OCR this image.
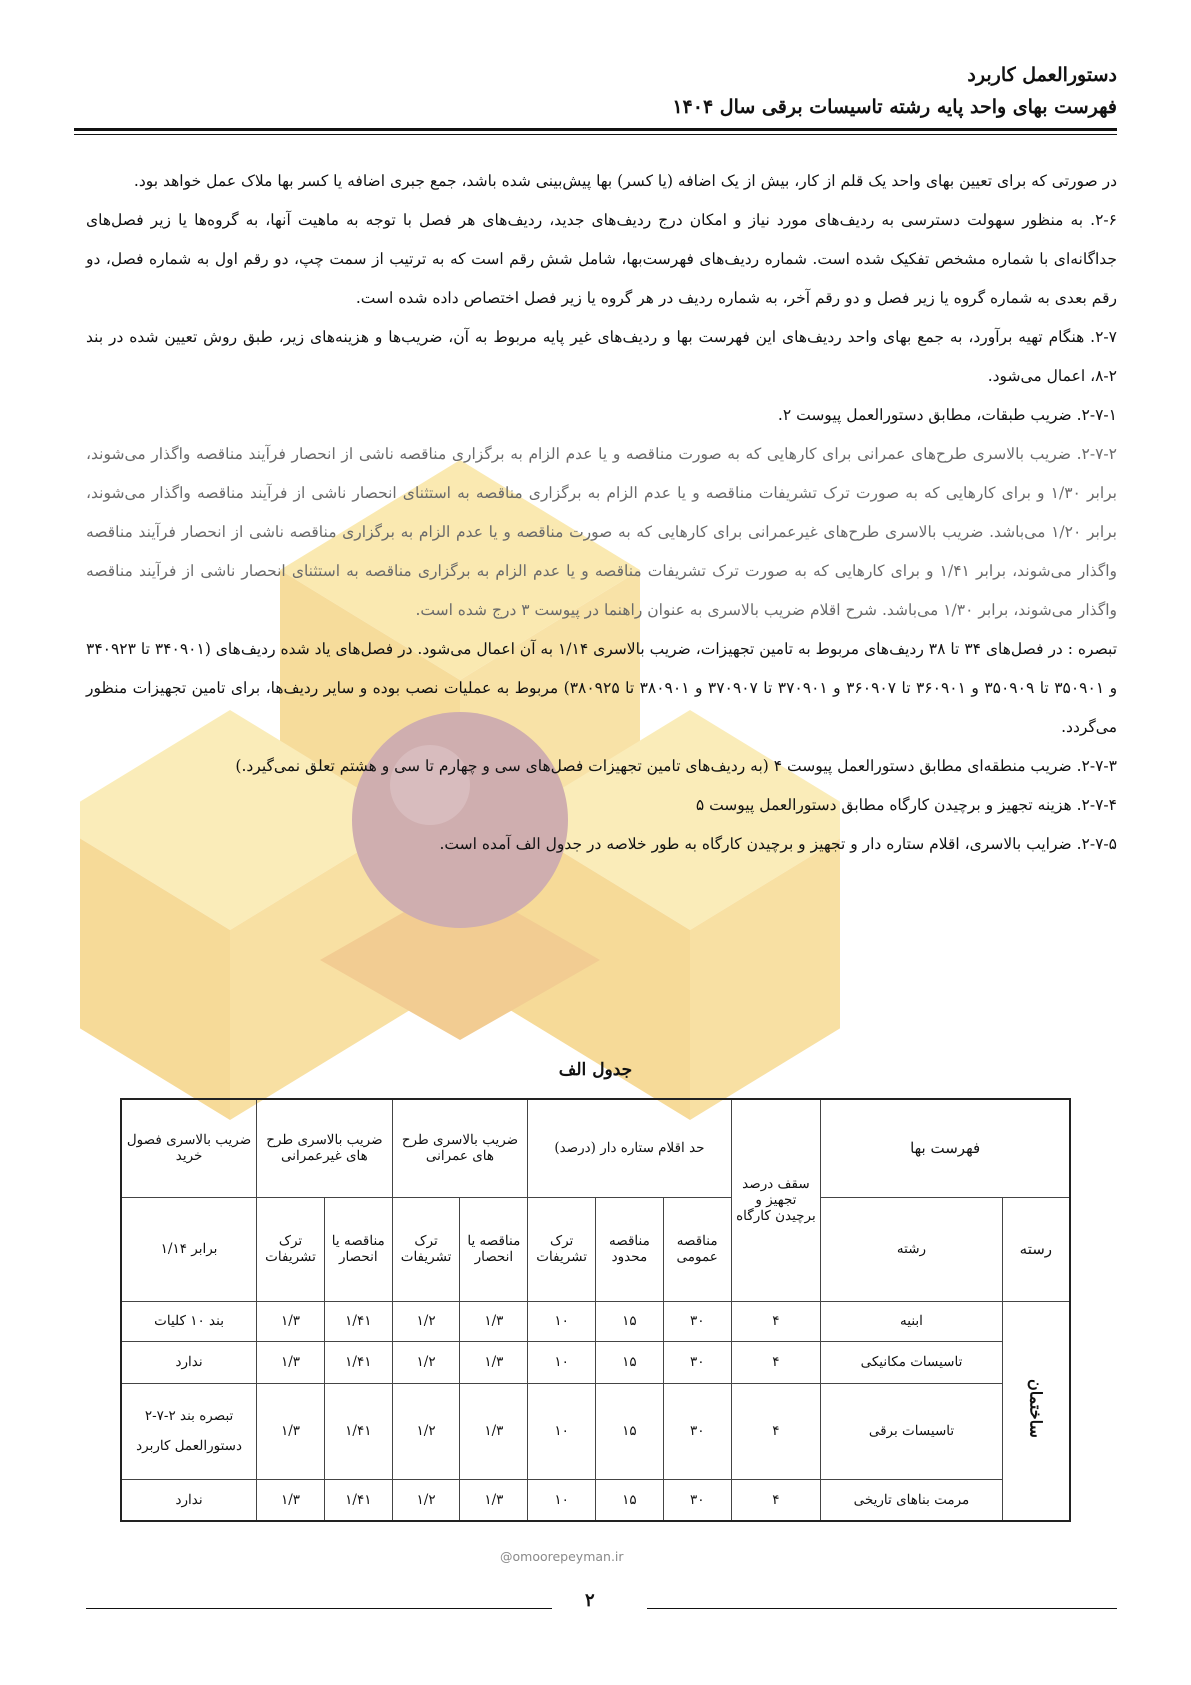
دستورالعمل کاربرد
فهرست بهای واحد پایه رشته تاسیسات برقی سال ۱۴۰۴

در صورتی که برای تعیین بهای واحد یک قلم از کار، بیش از یک اضافه (یا کسر) بها پیش‌بینی شده باشد، جمع جبری اضافه یا کسر بها ملاک عمل خواهد بود.

۲-۶. به منظور سهولت دسترسی به ردیف‌های مورد نیاز و امکان درج ردیف‌های جدید، ردیف‌های هر فصل با توجه به ماهیت آنها، به گروه‌ها یا زیر فصل‌های جداگانه‌ای با شماره مشخص تفکیک شده است. شماره ردیف‌های فهرست‌بها، شامل شش رقم است که به ترتیب از سمت چپ، دو رقم اول به شماره فصل، دو رقم بعدی به شماره گروه یا زیر فصل و دو رقم آخر، به شماره ردیف در هر گروه یا زیر فصل اختصاص داده شده است.

۲-۷. هنگام تهیه برآورد، به جمع بهای واحد ردیف‌های این فهرست بها و ردیف‌های غیر پایه مربوط به آن، ضریب‌ها و هزینه‌های زیر، طبق روش تعیین شده در بند ۲-۸، اعمال می‌شود.

۲-۷-۱. ضریب طبقات، مطابق دستورالعمل پیوست ۲.

۲-۷-۲. ضریب بالاسری طرح‌های عمرانی برای کارهایی که به صورت مناقصه و یا عدم الزام به برگزاری مناقصه ناشی از انحصار فرآیند مناقصه واگذار می‌شوند، برابر ۱/۳۰ و برای کارهایی که به صورت ترک تشریفات مناقصه و یا عدم الزام به برگزاری مناقصه به استثنای انحصار ناشی از فرآیند مناقصه واگذار می‌شوند، برابر ۱/۲۰ می‌باشد. ضریب بالاسری طرح‌های غیرعمرانی برای کارهایی که به صورت مناقصه و یا عدم الزام به برگزاری مناقصه ناشی از انحصار فرآیند مناقصه واگذار می‌شوند، برابر ۱/۴۱ و برای کارهایی که به صورت ترک تشریفات مناقصه و یا عدم الزام به برگزاری مناقصه به استثنای انحصار ناشی از فرآیند مناقصه واگذار می‌شوند، برابر ۱/۳۰ می‌باشد. شرح اقلام ضریب بالاسری به عنوان راهنما در پیوست ۳ درج شده است.

تبصره : در فصل‌های ۳۴ تا ۳۸ ردیف‌های مربوط به تامین تجهیزات، ضریب بالاسری ۱/۱۴ به آن اعمال می‌شود. در فصل‌های یاد شده ردیف‌های (۳۴۰۹۰۱ تا ۳۴۰۹۲۳ و ۳۵۰۹۰۱ تا ۳۵۰۹۰۹ و ۳۶۰۹۰۱ تا ۳۶۰۹۰۷ و ۳۷۰۹۰۱ تا ۳۷۰۹۰۷ و ۳۸۰۹۰۱ تا ۳۸۰۹۲۵) مربوط به عملیات نصب بوده و سایر ردیف‌ها، برای تامین تجهیزات منظور می‌گردد.

۲-۷-۳. ضریب منطقه‌ای مطابق دستورالعمل پیوست ۴ (به ردیف‌های تامین تجهیزات فصل‌های سی و چهارم تا سی و هشتم تعلق نمی‌گیرد.)

۲-۷-۴. هزینه تجهیز و برچیدن کارگاه مطابق دستورالعمل پیوست ۵

۲-۷-۵. ضرایب بالاسری، اقلام ستاره دار و تجهیز و برچیدن کارگاه به طور خلاصه در جدول الف آمده است.

جدول الف
فهرست بها		سقف درصد تجهیز و برچیدن کارگاه	حد اقلام ستاره دار (درصد)			ضریب بالاسری طرح های عمرانی		ضریب بالاسری طرح های غیرعمرانی		ضریب بالاسری فصول خرید
رسته	رشته		مناقصه عمومی	مناقصه محدود	ترک تشریفات	مناقصه یا انحصار	ترک تشریفات	مناقصه یا انحصار	ترک تشریفات	برابر ۱/۱۴
ساختمان	ابنیه	۴	۳۰	۱۵	۱۰	۱/۳	۱/۲	۱/۴۱	۱/۳	بند ۱۰ کلیات
	تاسیسات مکانیکی	۴	۳۰	۱۵	۱۰	۱/۳	۱/۲	۱/۴۱	۱/۳	ندارد
	تاسیسات برقی	۴	۳۰	۱۵	۱۰	۱/۳	۱/۲	۱/۴۱	۱/۳	تبصره بند ۲-۷-۲ دستورالعمل کاربرد
	مرمت بناهای تاریخی	۴	۳۰	۱۵	۱۰	۱/۳	۱/۲	۱/۴۱	۱/۳	ندارد
@omoorepeyman.ir
۲
